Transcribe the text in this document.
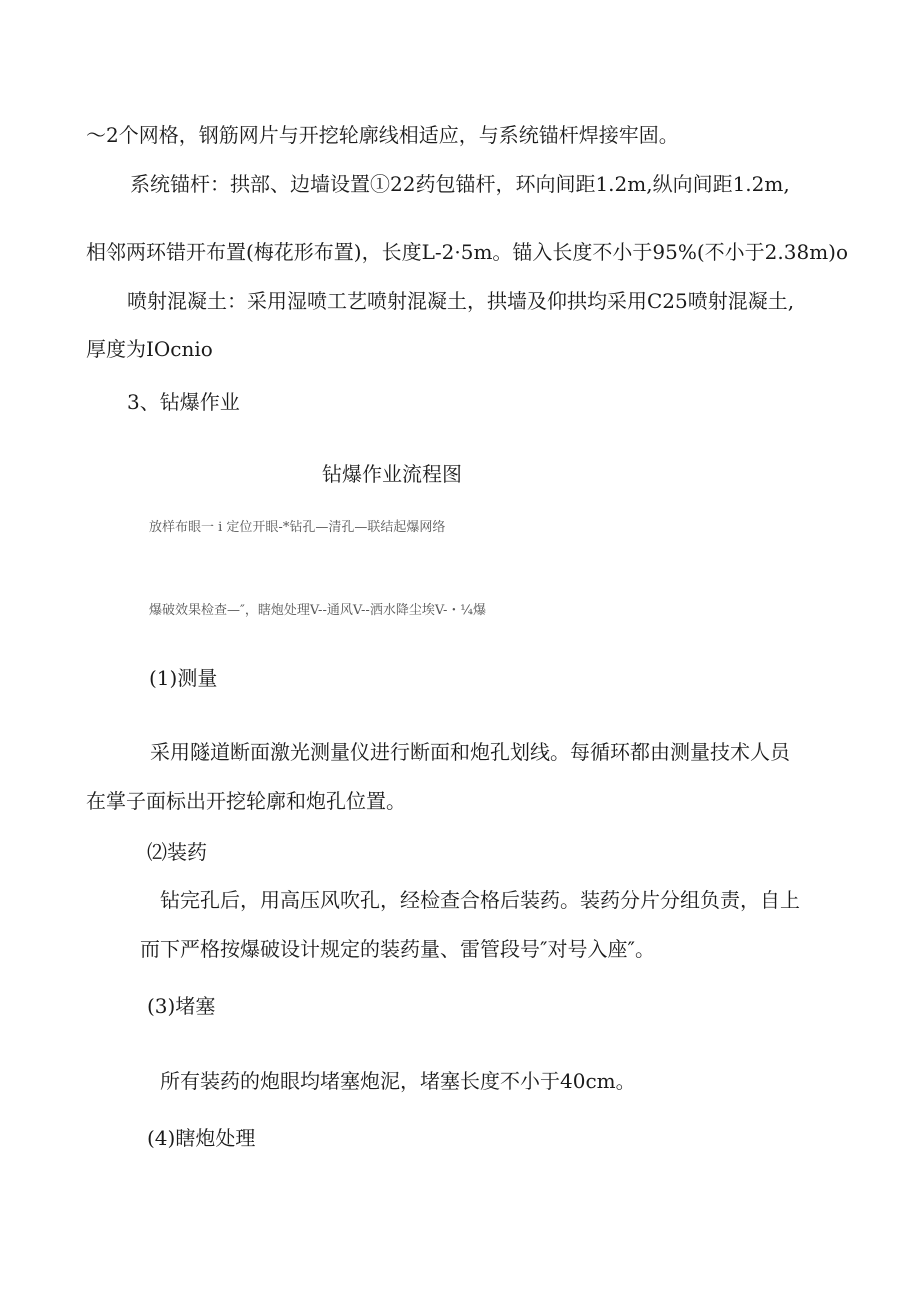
～2个网格，钢筋网片与开挖轮廓线相适应，与系统锚杆焊接牢固。
系统锚杆：拱部、边墙设置①22药包锚杆，环向间距1.2m,纵向间距1.2m,
相邻两环错开布置(梅花形布置)，长度L-2·5m。锚入长度不小于95%(不小于2.38m)o
喷射混凝土：采用湿喷工艺喷射混凝土，拱墙及仰拱均采用C25喷射混凝土,
厚度为IOcnio
3、钻爆作业
钻爆作业流程图
放样布眼一 i 定位开眼-*钻孔—清孔—联结起爆网络
爆破效果检查—″，瞎炮处理V--通风V--洒水降尘埃V-・¼爆
(1)测量
采用隧道断面激光测量仪进行断面和炮孔划线。每循环都由测量技术人员
在掌子面标出开挖轮廓和炮孔位置。
⑵装药
钻完孔后，用高压风吹孔，经检查合格后装药。装药分片分组负责，自上
而下严格按爆破设计规定的装药量、雷管段号″对号入座″。
(3)堵塞
所有装药的炮眼均堵塞炮泥，堵塞长度不小于40cm。
(4)瞎炮处理
